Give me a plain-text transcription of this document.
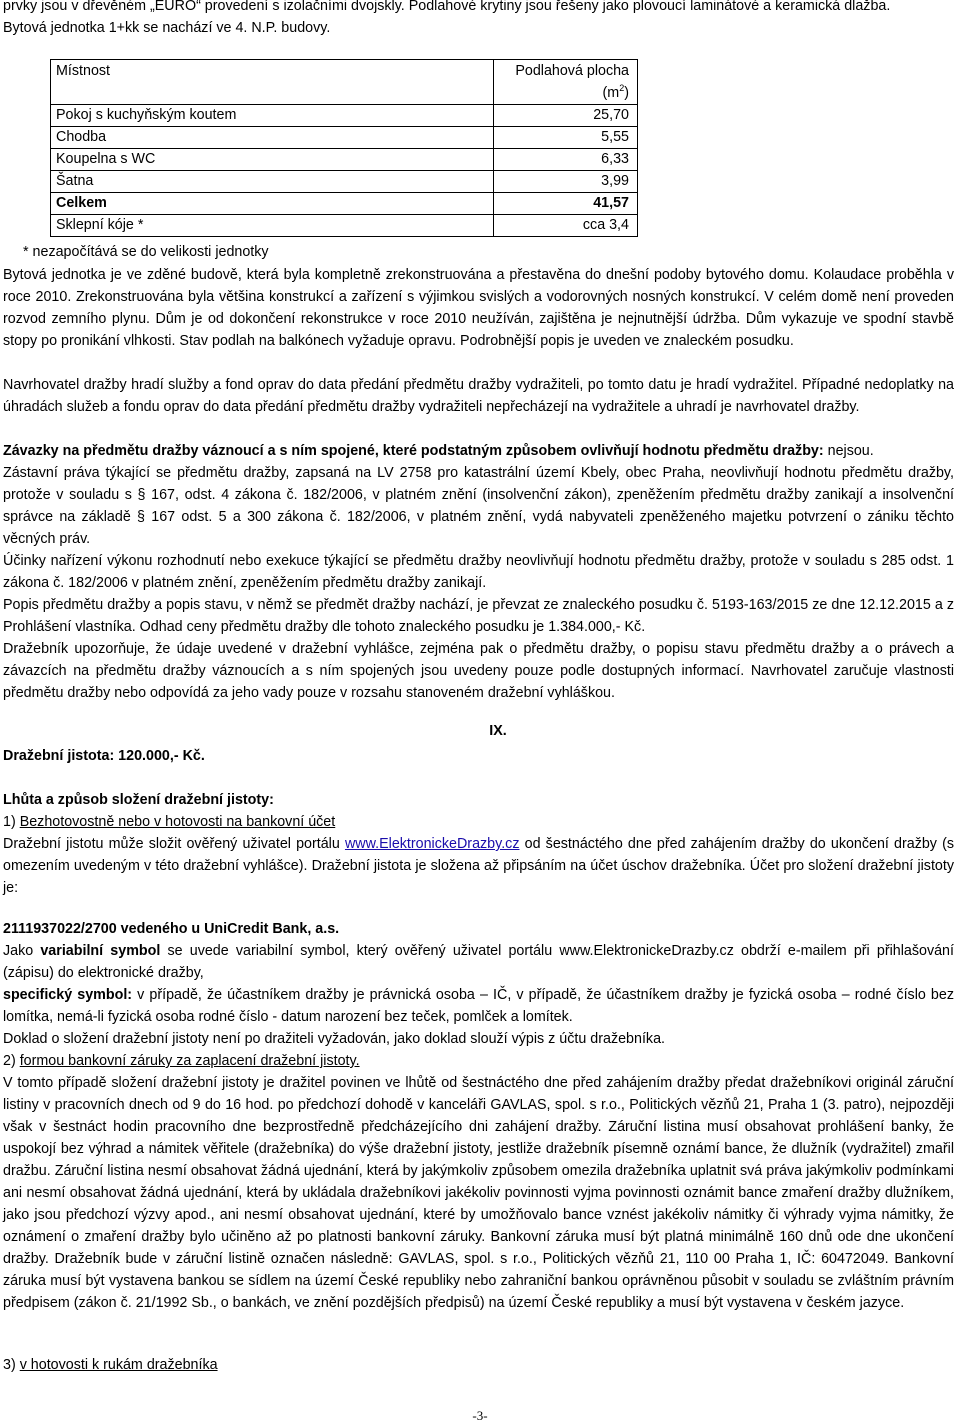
prvky jsou v dřevěném „EURO“ provedení s izolačními dvojskly. Podlahové krytiny jsou řešeny jako plovoucí laminátové a keramická dlažba.
Bytová jednotka 1+kk se nachází ve 4. N.P. budovy.

Místnost	Podlahová plocha
$(m^2)$
Pokoj s kuchyňským koutem	25,70
Chodba	5,55
Koupelna s WC	6,33
Šatna	3,99
Celkem	41,57
Sklepní kóje *	cca 3,4

* nezapočítává se do velikosti jednotky

Bytová jednotka je ve zděné budově, která byla kompletně zrekonstruována a přestavěna do dnešní podoby bytového domu. Kolaudace proběhla v roce 2010. Zrekonstruována byla většina konstrukcí a zařízení s výjimkou svislých a vodorovných nosných konstrukcí. V celém domě není proveden rozvod zemního plynu. Dům je od dokončení rekonstrukce v roce 2010 neužíván, zajištěna je nejnutnější údržba. Dům vykazuje ve spodní stavbě stopy po pronikání vlhkosti. Stav podlah na balkónech vyžaduje opravu. Podrobnější popis je uveden ve znaleckém posudku.

Navrhovatel dražby hradí služby a fond oprav do data předání předmětu dražby vydražiteli, po tomto datu je hradí vydražitel. Případné nedoplatky na úhradách služeb a fondu oprav do data předání předmětu dražby vydražiteli nepřecházejí na vydražitele a uhradí je navrhovatel dražby.

Závazky na předmětu dražby váznoucí a s ním spojené, které podstatným způsobem ovlivňují hodnotu předmětu dražby: nejsou.

Zástavní práva týkající se předmětu dražby, zapsaná na LV 2758 pro katastrální území Kbely, obec Praha, neovlivňují hodnotu předmětu dražby, protože v souladu s § 167, odst. 4 zákona č. 182/2006, v platném znění (insolvenční zákon), zpeněžením předmětu dražby zanikají a insolvenční správce na základě § 167 odst. 5 a 300 zákona č. 182/2006, v platném znění, vydá nabyvateli zpeněženého majetku potvrzení o zániku těchto věcných práv.

Účinky nařízení výkonu rozhodnutí nebo exekuce týkající se předmětu dražby neovlivňují hodnotu předmětu dražby, protože v souladu s 285 odst. 1 zákona č. 182/2006 v platném znění, zpeněžením předmětu dražby zanikají.

Popis předmětu dražby a popis stavu, v němž se předmět dražby nachází, je převzat ze znaleckého posudku č. 5193-163/2015 ze dne 12.12.2015 a z Prohlášení vlastníka. Odhad ceny předmětu dražby dle tohoto znaleckého posudku je 1.384.000,- Kč.

Dražebník upozorňuje, že údaje uvedené v dražební vyhlášce, zejména pak o předmětu dražby, o popisu stavu předmětu dražby a o právech a závazcích na předmětu dražby váznoucích a s ním spojených jsou uvedeny pouze podle dostupných informací. Navrhovatel zaručuje vlastnosti předmětu dražby nebo odpovídá za jeho vady pouze v rozsahu stanoveném dražební vyhláškou.

IX.

Dražební jistota: 120.000,- Kč.

Lhůta a způsob složení dražební jistoty:

1) Bezhotovostně nebo v hotovosti na bankovní účet

Dražební jistotu může složit ověřený uživatel portálu www.ElektronickeDrazby.cz od šestnáctého dne před zahájením dražby do ukončení dražby (s omezením uvedeným v této dražební vyhlášce). Dražební jistota je složena až připsáním na účet úschov dražebníka. Účet pro složení dražební jistoty je:

2111937022/2700 vedeného u UniCredit Bank, a.s.

Jako variabilní symbol se uvede variabilní symbol, který ověřený uživatel portálu www.ElektronickeDrazby.cz obdrží e-mailem při přihlašování (zápisu) do elektronické dražby,

specifický symbol: v případě, že účastníkem dražby je právnická osoba – IČ, v případě, že účastníkem dražby je fyzická osoba – rodné číslo bez lomítka, nemá-li fyzická osoba rodné číslo - datum narození bez teček, pomlček a lomítek.

Doklad o složení dražební jistoty není po dražiteli vyžadován, jako doklad slouží výpis z účtu dražebníka.

2) formou bankovní záruky za zaplacení dražební jistoty.

V tomto případě složení dražební jistoty je dražitel povinen ve lhůtě od šestnáctého dne před zahájením dražby předat dražebníkovi originál záruční listiny v pracovních dnech od 9 do 16 hod. po předchozí dohodě v kanceláři GAVLAS, spol. s r.o., Politických vězňů 21, Praha 1 (3. patro), nejpozději však v šestnáct hodin pracovního dne bezprostředně předcházejícího dni zahájení dražby. Záruční listina musí obsahovat prohlášení banky, že uspokojí bez výhrad a námitek věřitele (dražebníka) do výše dražební jistoty, jestliže dražebník písemně oznámí bance, že dlužník (vydražitel) zmařil dražbu. Záruční listina nesmí obsahovat žádná ujednání, která by jakýmkoliv způsobem omezila dražebníka uplatnit svá práva jakýmkoliv podmínkami ani nesmí obsahovat žádná ujednání, která by ukládala dražebníkovi jakékoliv povinnosti vyjma povinnosti oznámit bance zmaření dražby dlužníkem, jako jsou předchozí výzvy apod., ani nesmí obsahovat ujednání, které by umožňovalo bance vznést jakékoliv námitky či výhrady vyjma námitky, že oznámení o zmaření dražby bylo učiněno až po platnosti bankovní záruky. Bankovní záruka musí být platná minimálně 160 dnů ode dne ukončení dražby. Dražebník bude v záruční listině označen následně: GAVLAS, spol. s r.o., Politických vězňů 21, 110 00 Praha 1, IČ: 60472049. Bankovní záruka musí být vystavena bankou se sídlem na území České republiky nebo zahraniční bankou oprávněnou působit v souladu se zvláštním právním předpisem (zákon č. 21/1992 Sb., o bankách, ve znění pozdějších předpisů) na území České republiky a musí být vystavena v českém jazyce.

3) v hotovosti k rukám dražebníka

-3-
